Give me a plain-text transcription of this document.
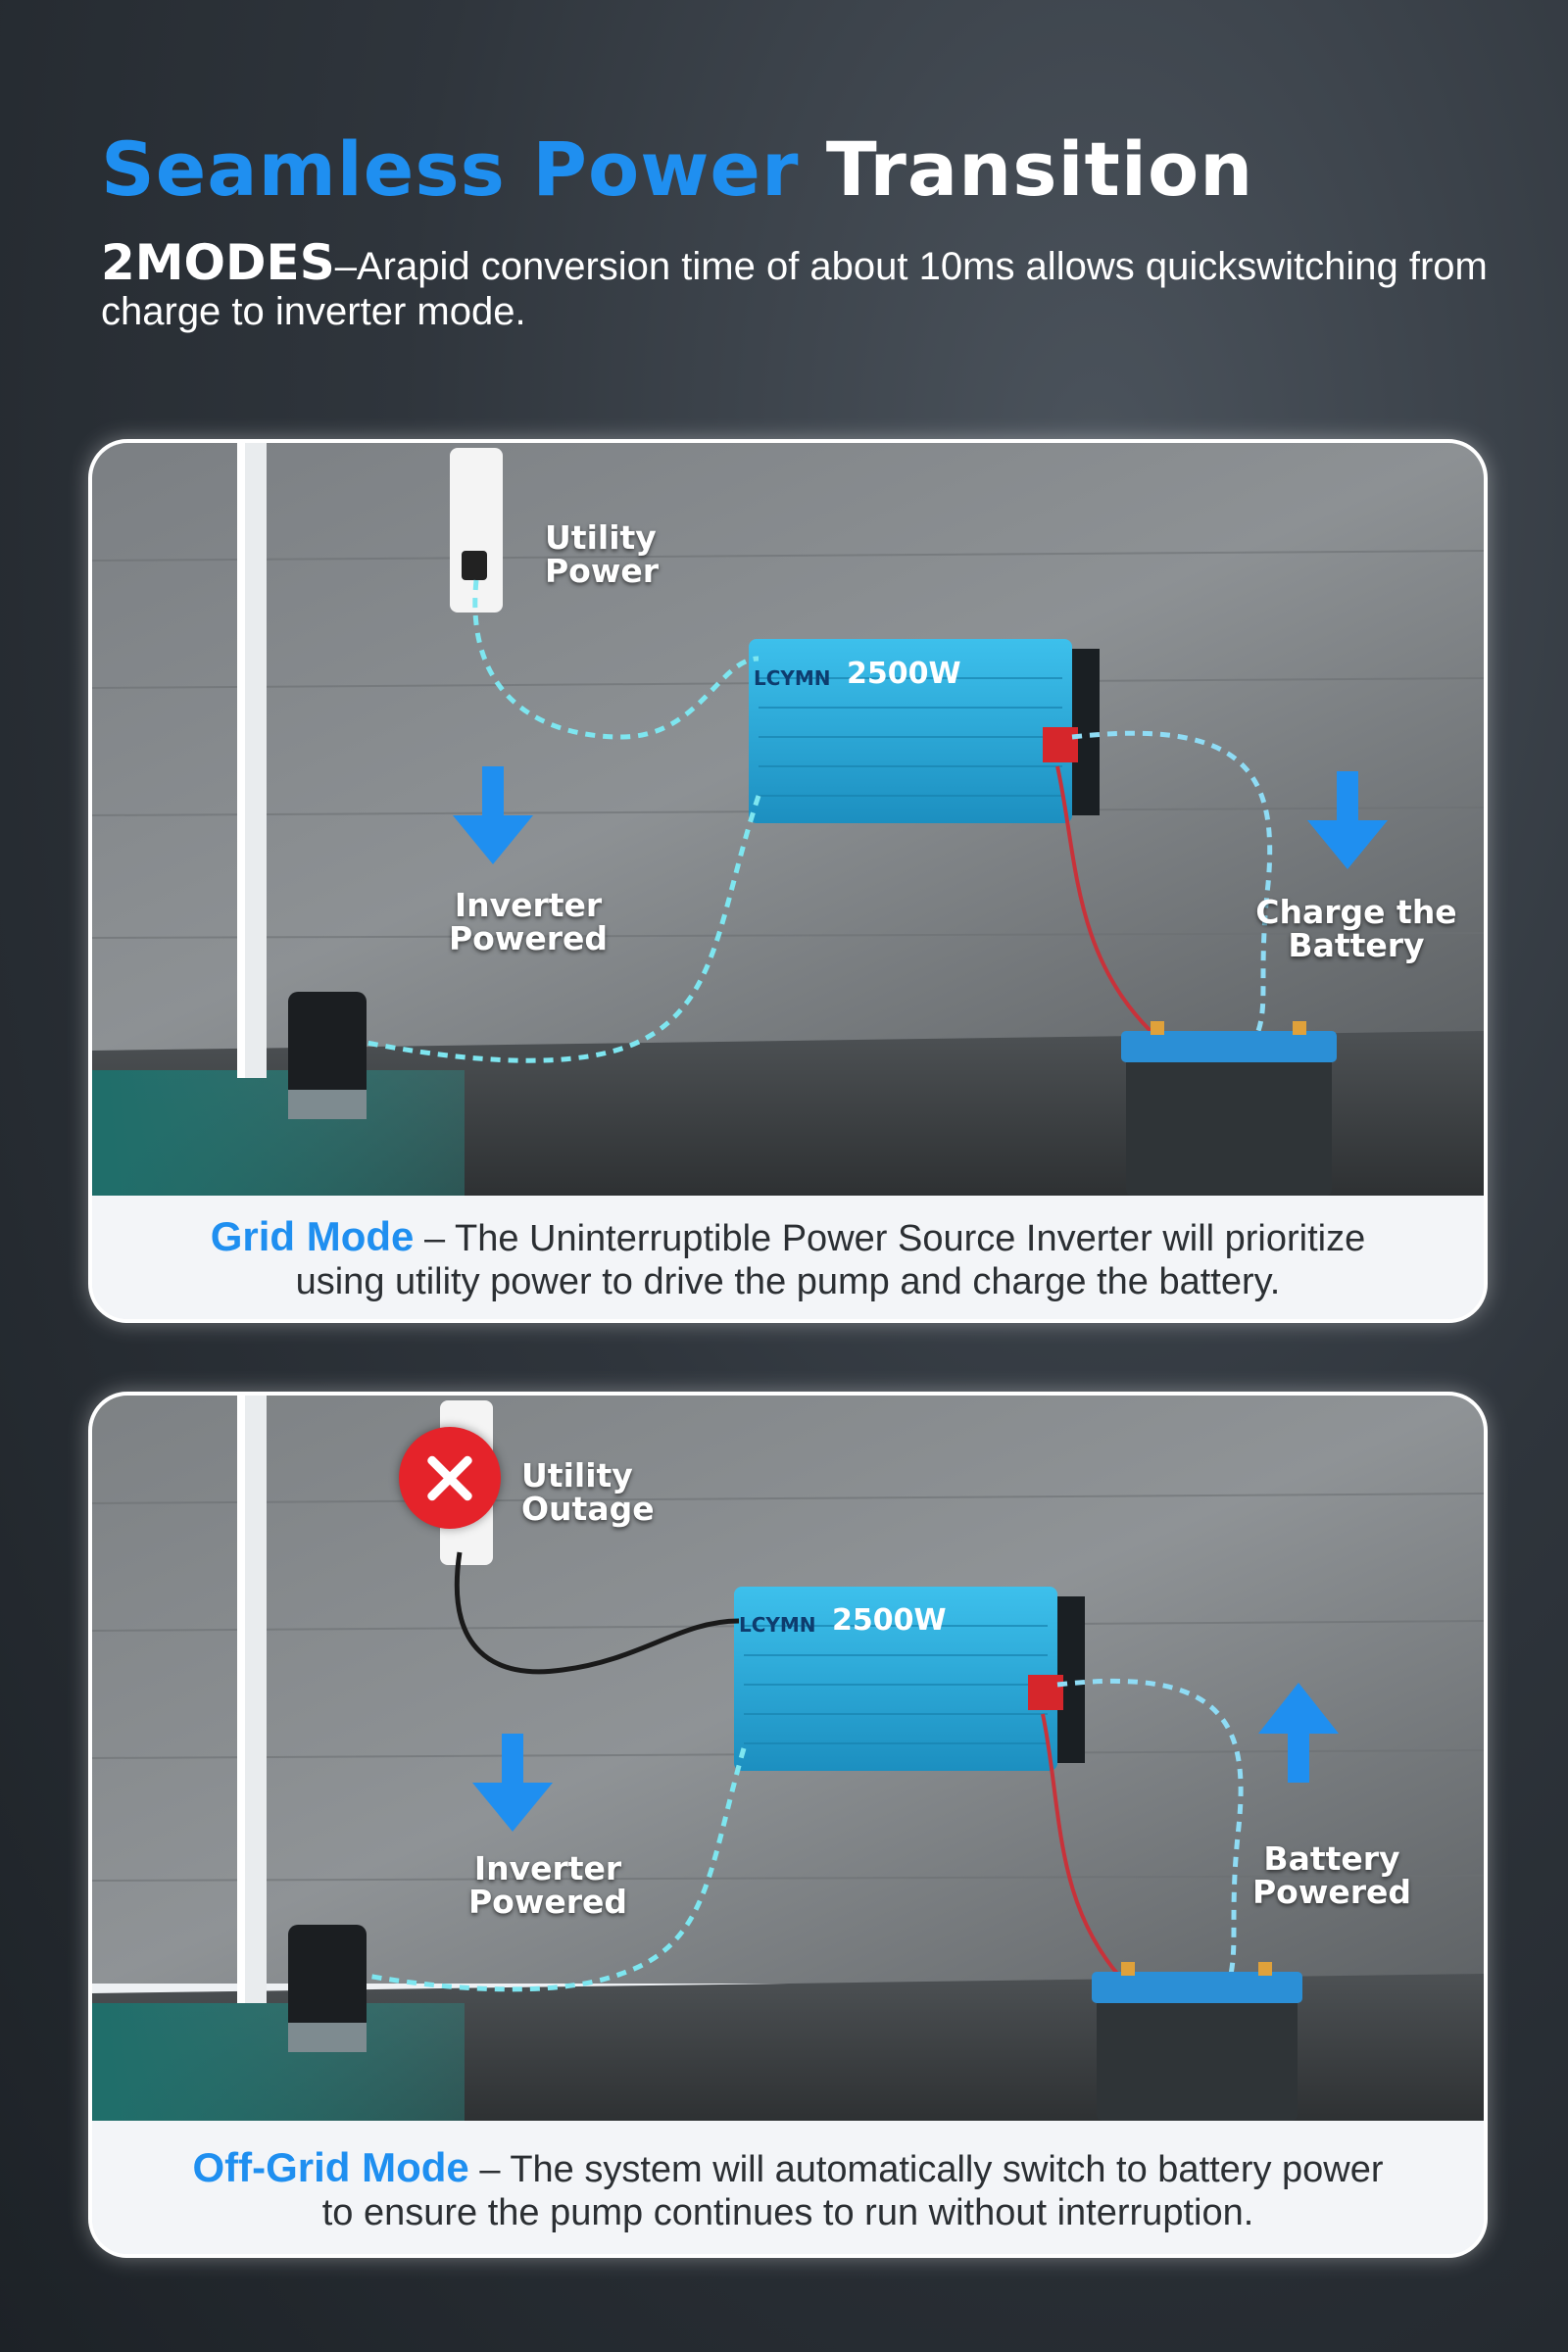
Seamless Power Transition
2MODES–Arapid conversion time of about 10ms allows quickswitching from charge to inverter mode.
LCYMN 2500W
Utility
Power
Inverter
Powered
Charge the
Battery
Grid Mode – The Uninterruptible Power Source Inverter will prioritize
using utility power to drive the pump and charge the battery.
LCYMN 2500W
Utility
Outage
Inverter
Powered
Battery
Powered
Off-Grid Mode – The system will automatically switch to battery power
to ensure the pump continues to run without interruption.
